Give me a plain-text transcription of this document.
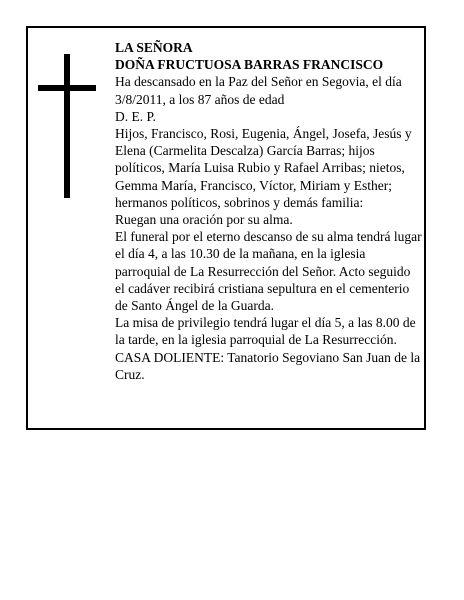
LA SEÑORA

DOÑA FRUCTUOSA BARRAS FRANCISCO

Ha descansado en la Paz del Señor en Segovia, el día 3/8/2011, a los 87 años de edad

D. E. P.

Hijos, Francisco, Rosi, Eugenia, Ángel, Josefa, Jesús y Elena (Carmelita Descalza) García Barras; hijos políticos, María Luisa Rubio y Rafael Arribas; nietos, Gemma María, Francisco, Víctor, Miriam y Esther; hermanos políticos, sobrinos y demás familia:

Ruegan una oración por su alma.

El funeral por el eterno descanso de su alma tendrá lugar el día 4, a las 10.30 de la mañana, en la iglesia parroquial de La Resurrección del Señor. Acto seguido el cadáver recibirá cristiana sepultura en el cementerio de Santo Ángel de la Guarda.

La misa de privilegio tendrá lugar el día 5, a las 8.00 de la tarde, en la iglesia parroquial de La Resurrección.

CASA DOLIENTE: Tanatorio Segoviano San Juan de la Cruz.
